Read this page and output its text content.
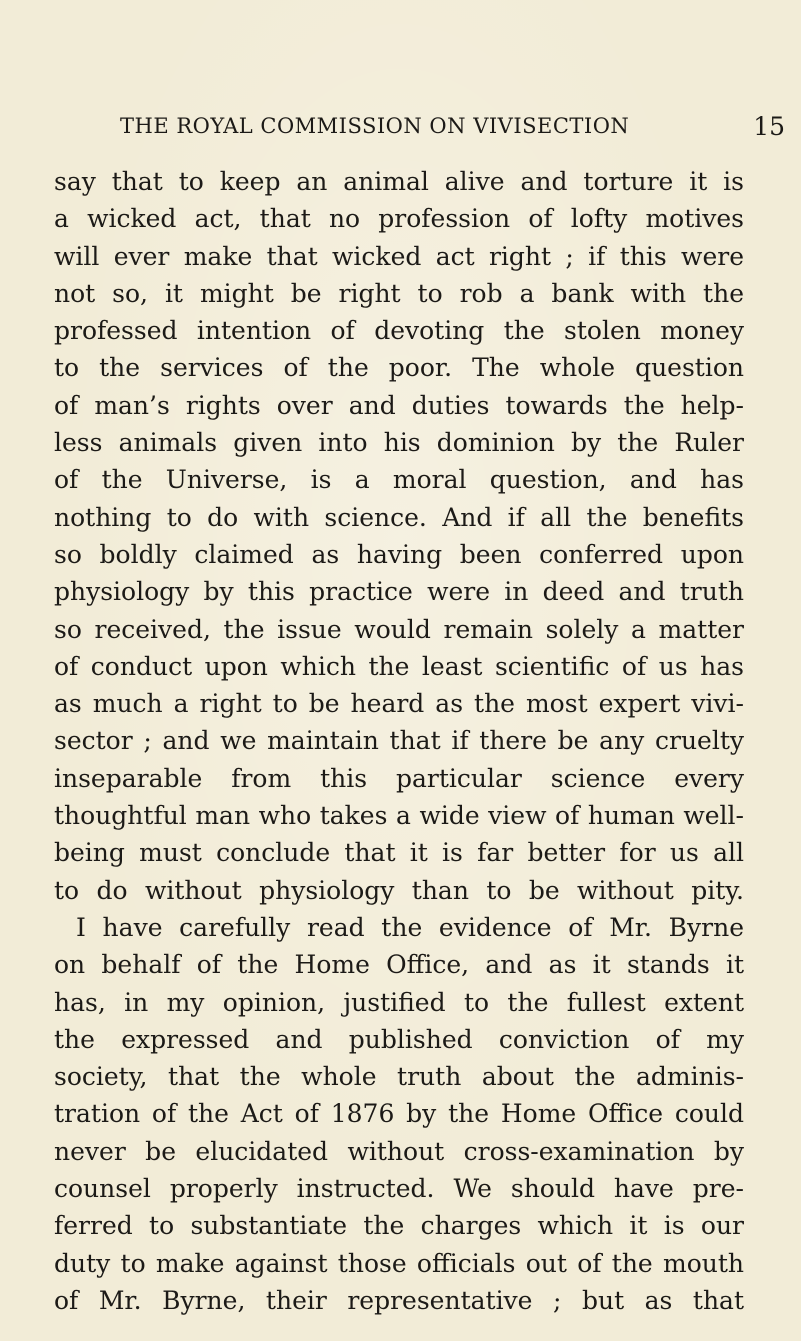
THE ROYAL COMMISSION ON VIVISECTION	15
say that to keep an animal alive and torture it is
a wicked act, that no profession of lofty motives
will ever make that wicked act right ; if this were
not so, it might be right to rob a bank with the
professed intention of devoting the stolen money
to the services of the poor. The whole question
of man’s rights over and duties towards the help-
less animals given into his dominion by the Ruler
of the Universe, is a moral question, and has
nothing to do with science. And if all the benefits
so boldly claimed as having been conferred upon
physiology by this practice were in deed and truth
so received, the issue would remain solely a matter
of conduct upon which the least scientific of us has
as much a right to be heard as the most expert vivi-
sector ; and we maintain that if there be any cruelty
inseparable from this particular science every
thoughtful man who takes a wide view of human well-
being must conclude that it is far better for us all
to do without physiology than to be without pity.
I have carefully read the evidence of Mr. Byrne
on behalf of the Home Office, and as it stands it
has, in my opinion, justified to the fullest extent
the expressed and published conviction of my
society, that the whole truth about the adminis-
tration of the Act of 1876 by the Home Office could
never be elucidated without cross-examination by
counsel properly instructed. We should have pre-
ferred to substantiate the charges which it is our
duty to make against those officials out of the mouth
of Mr. Byrne, their representative ; but as that
